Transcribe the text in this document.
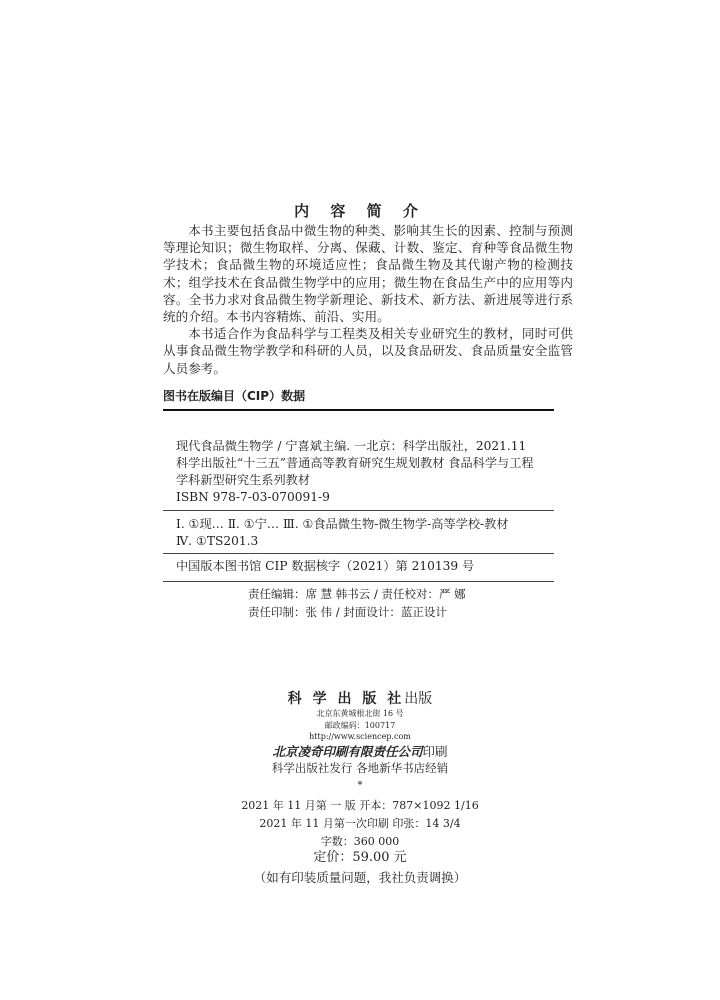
内 容 简 介

本书主要包括食品中微生物的种类、影响其生长的因素、控制与预测等理论知识；微生物取样、分离、保藏、计数、鉴定、育种等食品微生物学技术；食品微生物的环境适应性；食品微生物及其代谢产物的检测技术；组学技术在食品微生物学中的应用；微生物在食品生产中的应用等内容。全书力求对食品微生物学新理论、新技术、新方法、新进展等进行系统的介绍。本书内容精炼、前沿、实用。

本书适合作为食品科学与工程类及相关专业研究生的教材，同时可供从事食品微生物学教学和科研的人员，以及食品研发、食品质量安全监管人员参考。

图书在版编目（CIP）数据
现代食品微生物学 / 宁喜斌主编. 一北京：科学出版社，2021.11
科学出版社“十三五”普通高等教育研究生规划教材 食品科学与工程
学科新型研究生系列教材
ISBN 978-7-03-070091-9
Ⅰ. ①现… Ⅱ. ①宁… Ⅲ. ①食品微生物-微生物学-高等学校-教材
Ⅳ. ①TS201.3
中国版本图书馆 CIP 数据核字（2021）第 210139 号
责任编辑：席 慧 韩书云 / 责任校对：严 娜
责任印制：张 伟 / 封面设计：蓝正设计
科 学 出 版 社出版
北京东黄城根北街 16 号
邮政编码：100717
http://www.sciencep.com
北京凌奇印刷有限责任公司印刷
科学出版社发行 各地新华书店经销
*
2021 年 11 月第 一 版 开本：787×1092 1/16
2021 年 11 月第一次印刷 印张：14 3/4
字数：360 000
定价：59.00 元
（如有印装质量问题，我社负责调换）
